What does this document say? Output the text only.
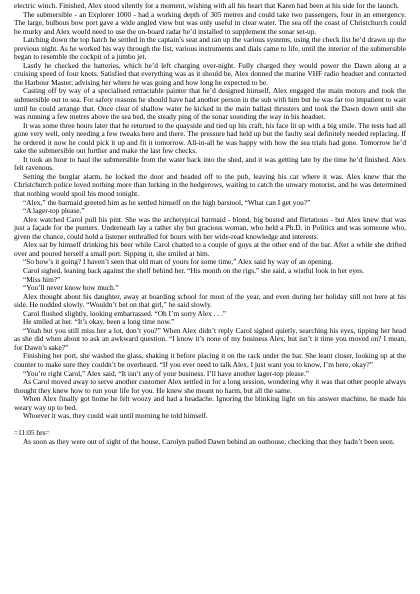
electric winch. Finished, Alex stood silently for a moment, wishing with all his heart that Karen had been at his side for the launch.

The submersible - an Explorer 1000 - had a working depth of 305 metres and could take two passengers, four in an emergency. The large, bulbous bow port gave a wide angled view but was only useful in clear water. The sea off the coast of Christchurch could be murky and Alex would need to use the on-board radar he’d installed to supplement the sonar set-up.

Latching down the top hatch he settled in the captain’s seat and ran up the various systems, using the check list he’d drawn up the previous night. As he worked his way through the list, various instruments and dials came to life, until the interior of the submersible began to resemble the cockpit of a jumbo jet.

Lastly he checked the batteries, which he’d left charging over-night. Fully charged they would power the Dawn along at a cruising speed of four knots. Satisfied that everything was as it should be, Alex donned the marine VHF radio headset and contacted the Harbour Master, advising her where he was going and how long he expected to be.

Casting off by way of a specialised retractable painter that he’d designed himself, Alex engaged the main motors and took the submersible out to sea. For safety reasons he should have had another person in the sub with him but he was far too impatient to wait until he could arrange that. Once clear of shallow water he kicked in the main ballast thrusters and took the Dawn down until she was running a few metres above the sea bed, the steady ping of the sonar sounding the way in his headset.

It was some three hours later that he returned to the quayside and tied up his craft, his face lit up with a big smile. The tests had all gone very well, only needing a few tweaks here and there. The pressure had held up but the faulty seal definitely needed replacing. If he ordered it now he could pick it up and fit it tomorrow. All-in-all he was happy with how the sea trials had gone. Tomorrow he’d take the submersible out further and make the last few checks.

It took an hour to haul the submersible from the water back into the shed, and it was getting late by the time he’d finished. Alex felt ravenous.

Setting the burglar alarm, he locked the door and headed off to the pub, leaving his car where it was. Alex knew that the Christchurch police loved nothing more than lurking in the hedgerows, waiting to catch the unwary motorist, and he was determined that nothing would spoil his mood tonight.

“Alex,” the barmaid greeted him as he settled himself on the high barstool, “What can I get you?”

“A lager-top please.”

Alex watched Carol pull his pint. She was the archetypical barmaid - blond, big busted and flirtatious - but Alex knew that was just a façade for the punters. Underneath lay a rather shy but gracious woman, who held a Ph.D. in Politics and was someone who, given the chance, could hold a listener enthralled for hours with her wide-read knowledge and interests.

Alex sat by himself drinking his beer while Carol chatted to a couple of guys at the other end of the bar. After a while she drifted over and poured herself a small port. Sipping it, she smiled at him.

“So how’s it going? I haven’t seen that old man of yours for some time,” Alex said by way of an opening.

Carol sighed, leaning back against the shelf behind her. “His month on the rigs,” she said, a wistful look in her eyes.

“Miss him?”

“You’ll never know how much.”

Alex thought about his daughter, away at boarding school for most of the year, and even during her holiday still not here at his side. He nodded slowly. “Wouldn’t bet on that girl,” he said slowly.

Carol flushed slightly, looking embarrassed. “Oh I’m sorry Alex . . .”

He smiled at her. “It’s okay, been a long time now.”

“Yeah but you still miss her a lot, don’t you?” When Alex didn’t reply Carol sighed quietly, searching his eyes, tipping her head as she did when about to ask an awkward question. “I know it’s none of my business Alex, but isn’t it time you moved on? I mean, for Dawn’s sake?”

Finishing her port, she washed the glass, shaking it before placing it on the rack under the bar. She leant closer, looking up at the counter to make sure they couldn’t be overheard. “If you ever need to talk Alex, I just want you to know, I’m here, okay?”

“You’re right Carol,” Alex said, “It isn’t any of your business. I’ll have another lager-top please.”

As Carol moved away to serve another customer Alex settled in for a long session, wondering why it was that other people always thought they knew how to run your life for you. He knew she meant no harm, but all the same.

When Alex finally got home he felt woozy and had a headache. Ignoring the blinking light on his answer machine, he made his weary way up to bed.

Whoever it was, they could wait until morning he told himself.

=11:05 hrs=

As soon as they were out of sight of the house, Carolyn pulled Dawn behind an outhouse, checking that they hadn’t been seen.
